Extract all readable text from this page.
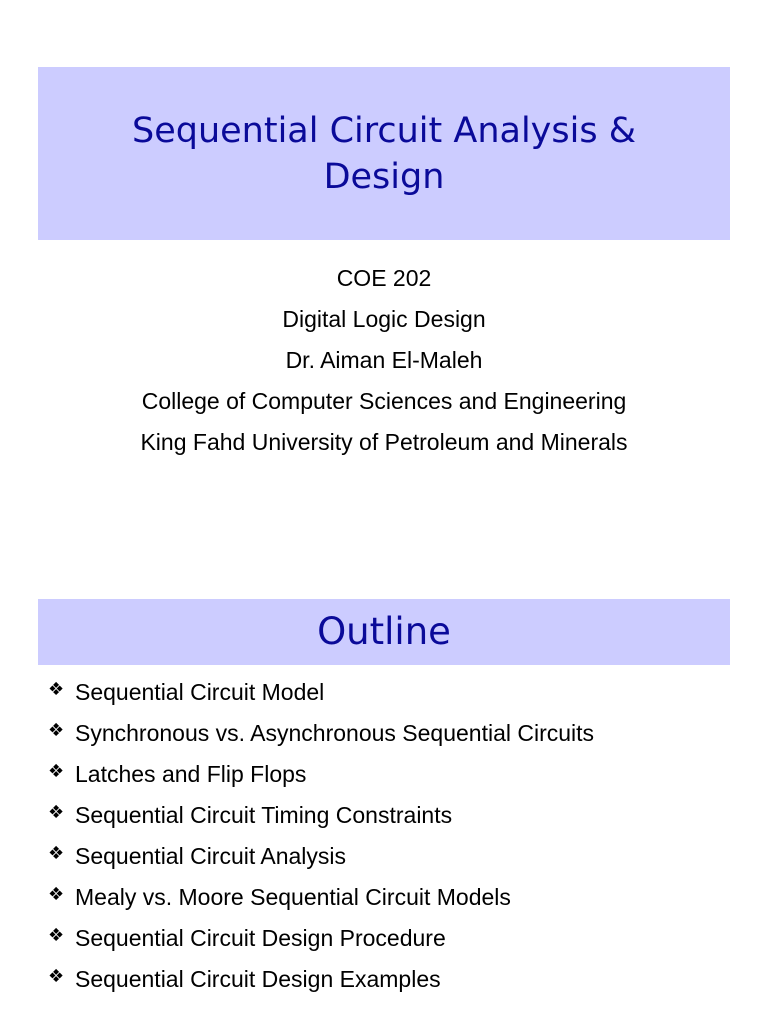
Sequential Circuit Analysis & Design
COE 202
Digital Logic Design
Dr. Aiman El-Maleh
College of Computer Sciences and Engineering
King Fahd University of Petroleum and Minerals
Outline
❖ Sequential Circuit Model
❖ Synchronous vs. Asynchronous Sequential Circuits
❖ Latches and Flip Flops
❖ Sequential Circuit Timing Constraints
❖ Sequential Circuit Analysis
❖ Mealy vs. Moore Sequential Circuit Models
❖ Sequential Circuit Design Procedure
❖ Sequential Circuit Design Examples
